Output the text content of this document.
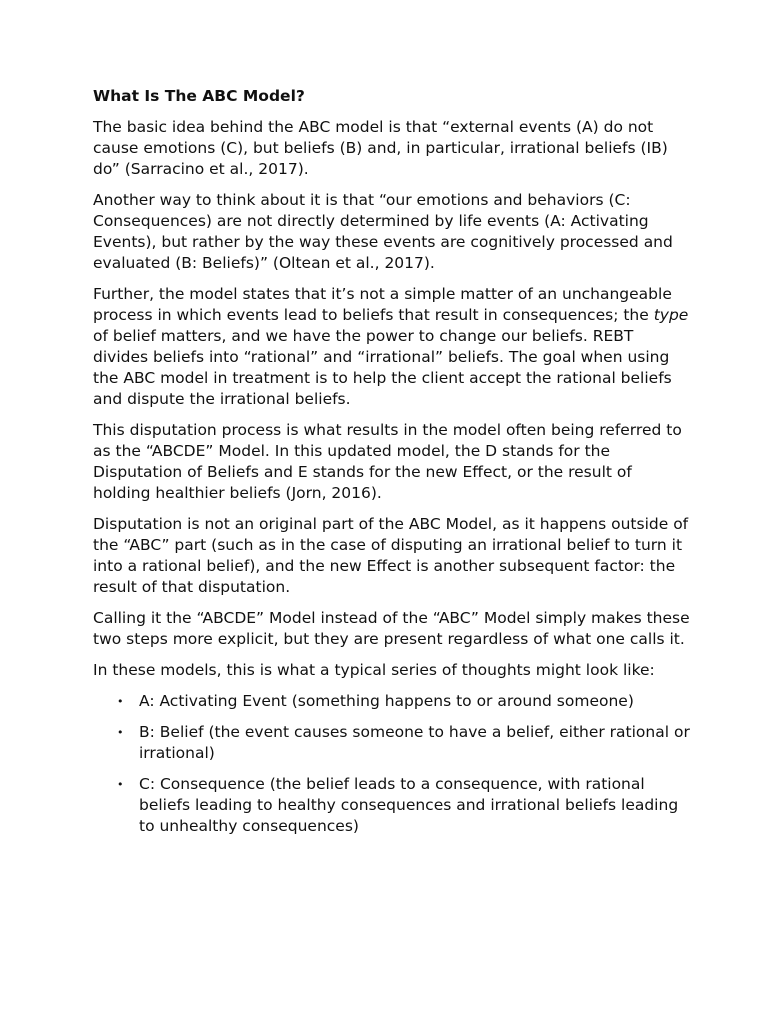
What Is The ABC Model?

The basic idea behind the ABC model is that “external events (A) do not cause emotions (C), but beliefs (B) and, in particular, irrational beliefs (IB) do” (Sarracino et al., 2017).

Another way to think about it is that “our emotions and behaviors (C: Consequences) are not directly determined by life events (A: Activating Events), but rather by the way these events are cognitively processed and evaluated (B: Beliefs)” (Oltean et al., 2017).

Further, the model states that it’s not a simple matter of an unchangeable process in which events lead to beliefs that result in consequences; the type of belief matters, and we have the power to change our beliefs. REBT divides beliefs into “rational” and “irrational” beliefs. The goal when using the ABC model in treatment is to help the client accept the rational beliefs and dispute the irrational beliefs.

This disputation process is what results in the model often being referred to as the “ABCDE” Model. In this updated model, the D stands for the Disputation of Beliefs and E stands for the new Effect, or the result of holding healthier beliefs (Jorn, 2016).

Disputation is not an original part of the ABC Model, as it happens outside of the “ABC” part (such as in the case of disputing an irrational belief to turn it into a rational belief), and the new Effect is another subsequent factor: the result of that disputation.

Calling it the “ABCDE” Model instead of the “ABC” Model simply makes these two steps more explicit, but they are present regardless of what one calls it.

In these models, this is what a typical series of thoughts might look like:

• A: Activating Event (something happens to or around someone)
• B: Belief (the event causes someone to have a belief, either rational or irrational)
• C: Consequence (the belief leads to a consequence, with rational beliefs leading to healthy consequences and irrational beliefs leading to unhealthy consequences)
